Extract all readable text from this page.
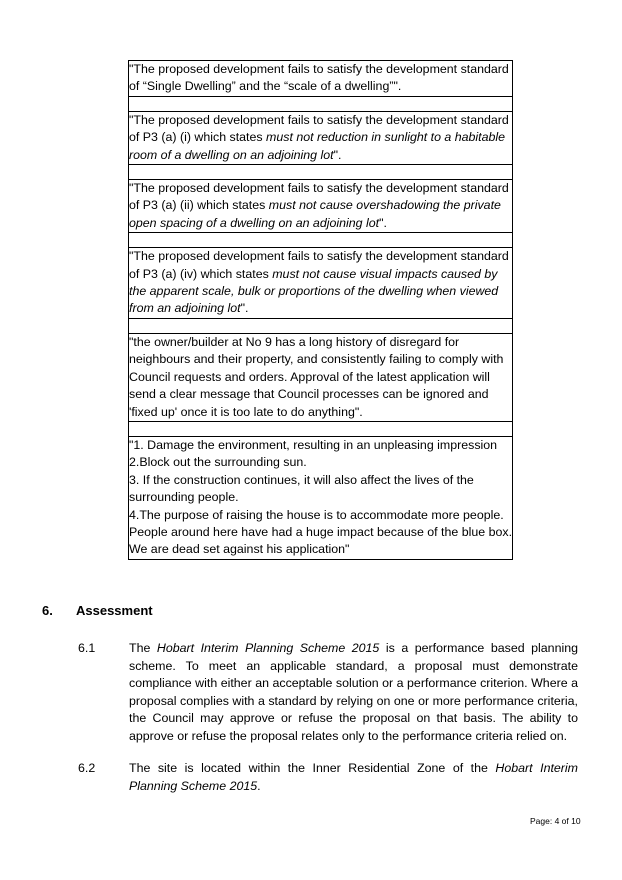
"The proposed development fails to satisfy the development standard
of “Single Dwelling” and the “scale of a dwelling”".

"The proposed development fails to satisfy the development standard
of P3 (a) (i) which states must not reduction in sunlight to a habitable
room of a dwelling on an adjoining lot".

"The proposed development fails to satisfy the development standard
of P3 (a) (ii) which states must not cause overshadowing the private
open spacing of a dwelling on an adjoining lot".

"The proposed development fails to satisfy the development standard
of P3 (a) (iv) which states must not cause visual impacts caused by
the apparent scale, bulk or proportions of the dwelling when viewed
from an adjoining lot".

"the owner/builder at No 9 has a long history of disregard for
neighbours and their property, and consistently failing to comply with
Council requests and orders. Approval of the latest application will
send a clear message that Council processes can be ignored and
'fixed up' once it is too late to do anything".

"1. Damage the environment, resulting in an unpleasing impression
2.Block out the surrounding sun.
3. If the construction continues, it will also affect the lives of the
surrounding people.
4.The purpose of raising the house is to accommodate more people.
People around here have had a huge impact because of the blue box.
We are dead set against his application"
6. Assessment
6.1	The Hobart Interim Planning Scheme 2015 is a performance based planning scheme. To meet an applicable standard, a proposal must demonstrate compliance with either an acceptable solution or a performance criterion. Where a proposal complies with a standard by relying on one or more performance criteria, the Council may approve or refuse the proposal on that basis. The ability to approve or refuse the proposal relates only to the performance criteria relied on.
6.2	The site is located within the Inner Residential Zone of the Hobart Interim Planning Scheme 2015.
Page: 4 of 10
